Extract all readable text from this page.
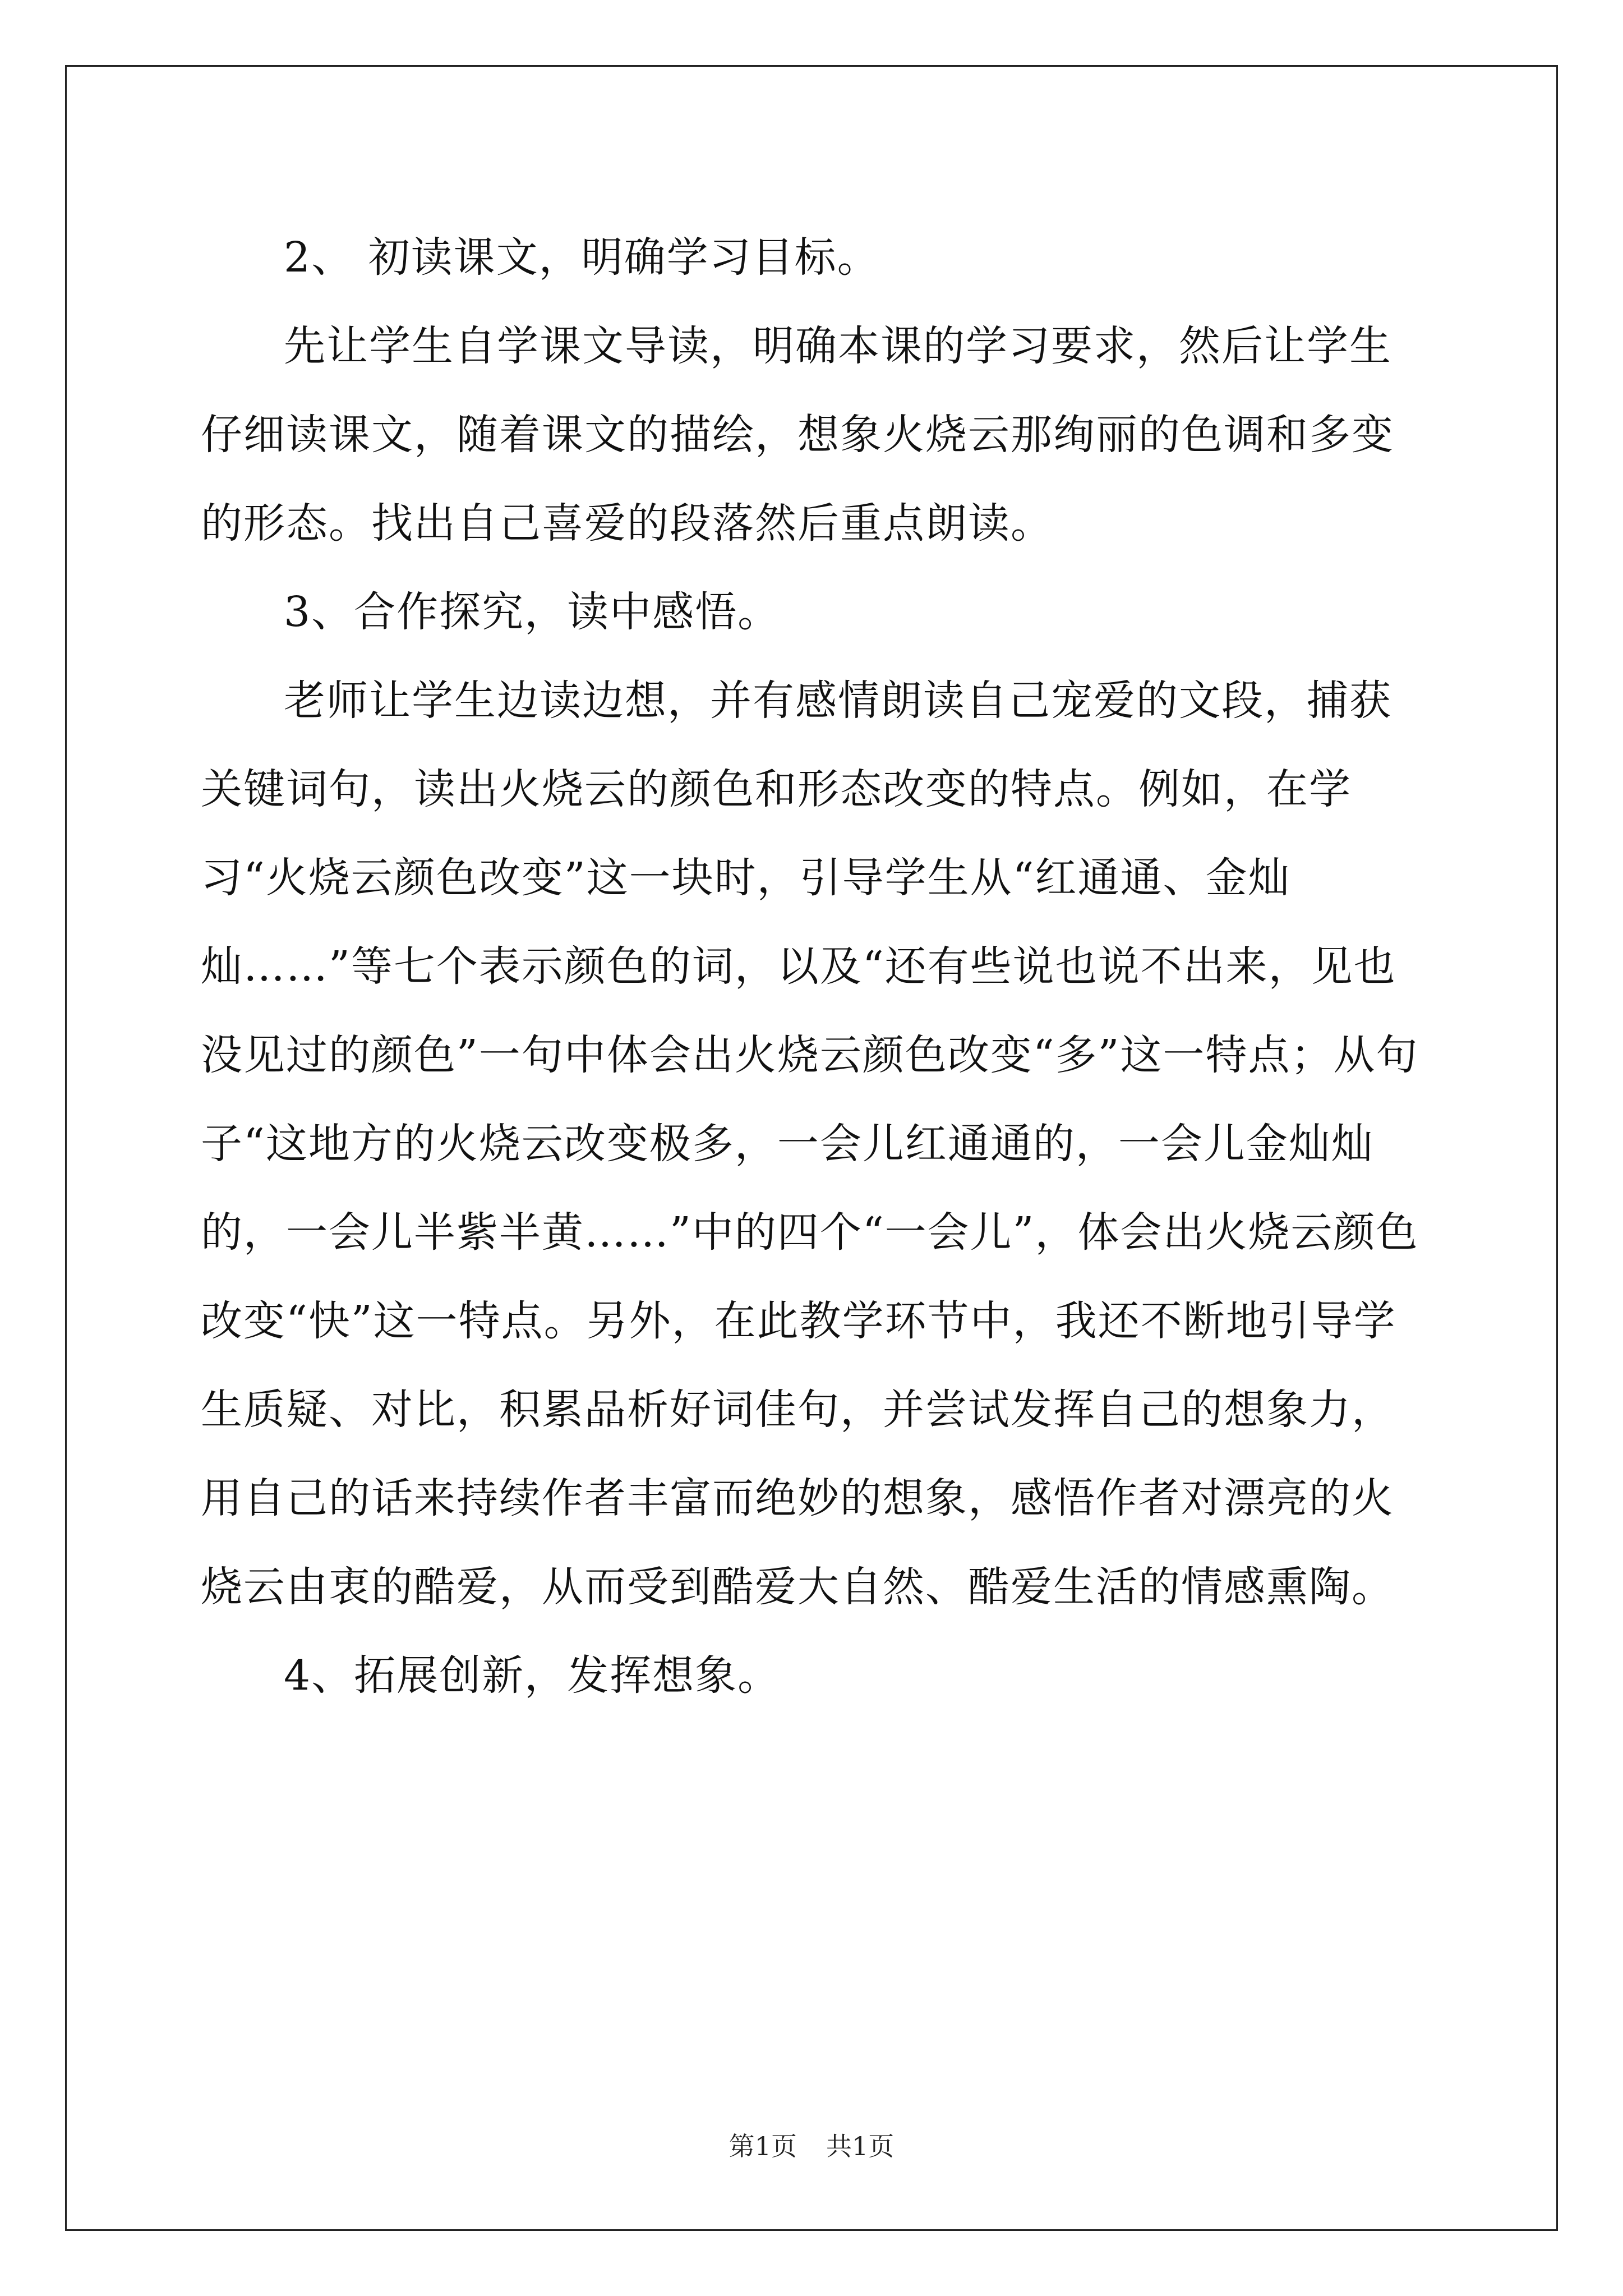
2、 初读课文，明确学习目标。

先让学生自学课文导读，明确本课的学习要求，然后让学生仔细读课文，随着课文的描绘，想象火烧云那绚丽的色调和多变的形态。找出自己喜爱的段落然后重点朗读。

3、合作探究，读中感悟。

老师让学生边读边想，并有感情朗读自己宠爱的文段，捕获关键词句，读出火烧云的颜色和形态改变的特点。例如，在学习“火烧云颜色改变”这一块时，引导学生从“红通通、金灿灿……”等七个表示颜色的词，以及“还有些说也说不出来，见也没见过的颜色”一句中体会出火烧云颜色改变“多”这一特点；从句子“这地方的火烧云改变极多，一会儿红通通的，一会儿金灿灿的，一会儿半紫半黄……”中的四个“一会儿”，体会出火烧云颜色改变“快”这一特点。另外，在此教学环节中，我还不断地引导学生质疑、对比，积累品析好词佳句，并尝试发挥自己的想象力，用自己的话来持续作者丰富而绝妙的想象，感悟作者对漂亮的火烧云由衷的酷爱，从而受到酷爱大自然、酷爱生活的情感熏陶。

4、拓展创新，发挥想象。

第1页 共1页
